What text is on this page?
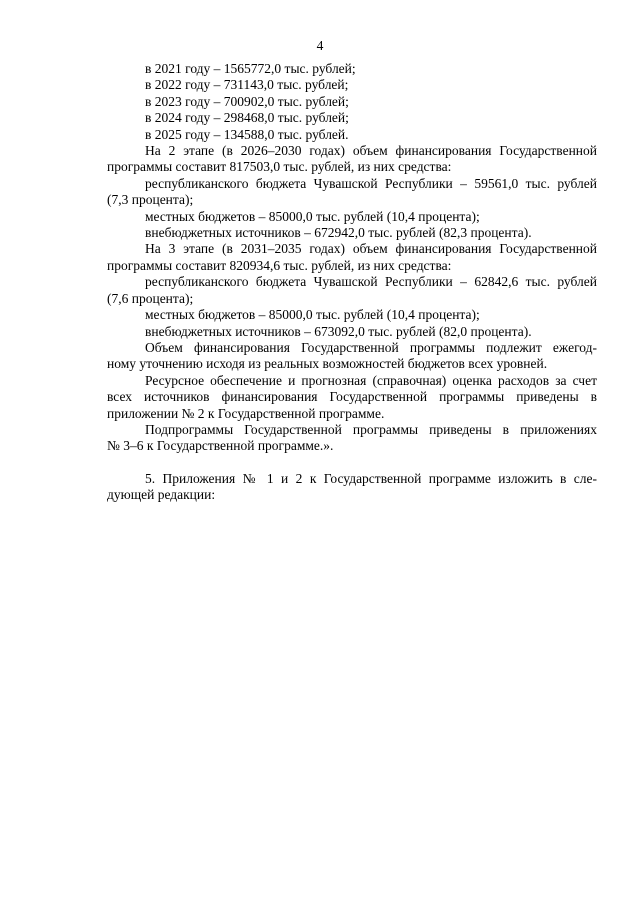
4
в 2021 году – 1565772,0 тыс. рублей;
в 2022 году – 731143,0 тыс. рублей;
в 2023 году – 700902,0 тыс. рублей;
в 2024 году – 298468,0 тыс. рублей;
в 2025 году – 134588,0 тыс. рублей.
На 2 этапе (в 2026–2030 годах) объем финансирования Государственной
программы составит 817503,0 тыс. рублей, из них средства:
республиканского бюджета Чувашской Республики – 59561,0 тыс. рублей
(7,3 процента);
местных бюджетов – 85000,0 тыс. рублей (10,4 процента);
внебюджетных источников – 672942,0 тыс. рублей (82,3 процента).
На 3 этапе (в 2031–2035 годах) объем финансирования Государственной
программы составит 820934,6 тыс. рублей, из них средства:
республиканского бюджета Чувашской Республики – 62842,6 тыс. рублей
(7,6 процента);
местных бюджетов – 85000,0 тыс. рублей (10,4 процента);
внебюджетных источников – 673092,0 тыс. рублей (82,0 процента).
Объем финансирования Государственной программы подлежит ежегод-
ному уточнению исходя из реальных возможностей бюджетов всех уровней.
Ресурсное обеспечение и прогнозная (справочная) оценка расходов за счет
всех источников финансирования Государственной программы приведены в
приложении № 2 к Государственной программе.
Подпрограммы Государственной программы приведены в приложениях
№ 3–6 к Государственной программе.».
5. Приложения № 1 и 2 к Государственной программе изложить в сле-
дующей редакции:
